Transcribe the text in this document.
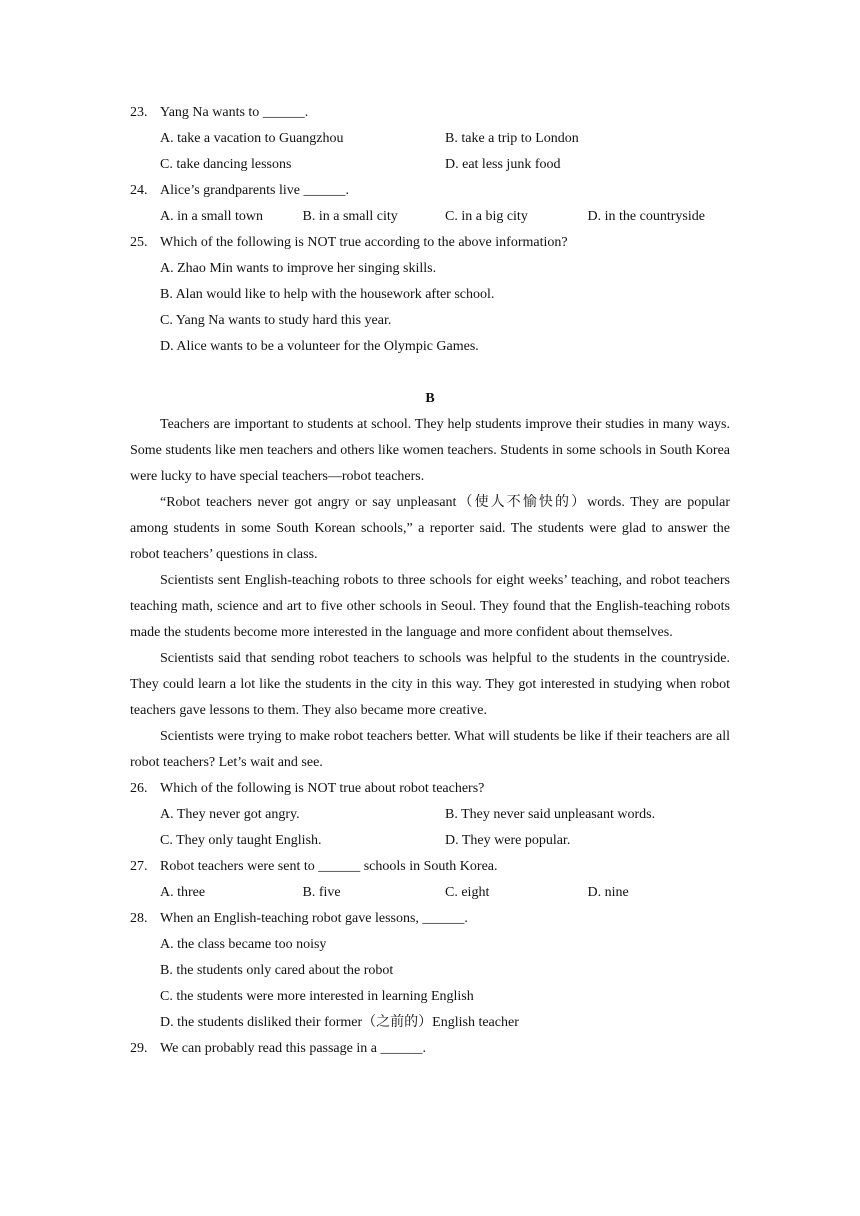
23. Yang Na wants to ______.
A. take a vacation to Guangzhou	B. take a trip to London
C. take dancing lessons	D. eat less junk food
24. Alice’s grandparents live ______.
A. in a small town	B. in a small city	C. in a big city	D. in the countryside
25. Which of the following is NOT true according to the above information?
A. Zhao Min wants to improve her singing skills.
B. Alan would like to help with the housework after school.
C. Yang Na wants to study hard this year.
D. Alice wants to be a volunteer for the Olympic Games.
B

Teachers are important to students at school. They help students improve their studies in many ways. Some students like men teachers and others like women teachers. Students in some schools in South Korea were lucky to have special teachers—robot teachers.

“Robot teachers never got angry or say unpleasant（使人不愉快的）words. They are popular among students in some South Korean schools,” a reporter said. The students were glad to answer the robot teachers’ questions in class.

Scientists sent English-teaching robots to three schools for eight weeks’ teaching, and robot teachers teaching math, science and art to five other schools in Seoul. They found that the English-teaching robots made the students become more interested in the language and more confident about themselves.

Scientists said that sending robot teachers to schools was helpful to the students in the countryside. They could learn a lot like the students in the city in this way. They got interested in studying when robot teachers gave lessons to them. They also became more creative.

Scientists were trying to make robot teachers better. What will students be like if their teachers are all robot teachers? Let’s wait and see.

26. Which of the following is NOT true about robot teachers?
A. They never got angry.	B. They never said unpleasant words.
C. They only taught English.	D. They were popular.
27. Robot teachers were sent to ______ schools in South Korea.
A. three	B. five	C. eight	D. nine
28. When an English-teaching robot gave lessons, ______.
A. the class became too noisy
B. the students only cared about the robot
C. the students were more interested in learning English
D. the students disliked their former（之前的）English teacher
29. We can probably read this passage in a ______.
